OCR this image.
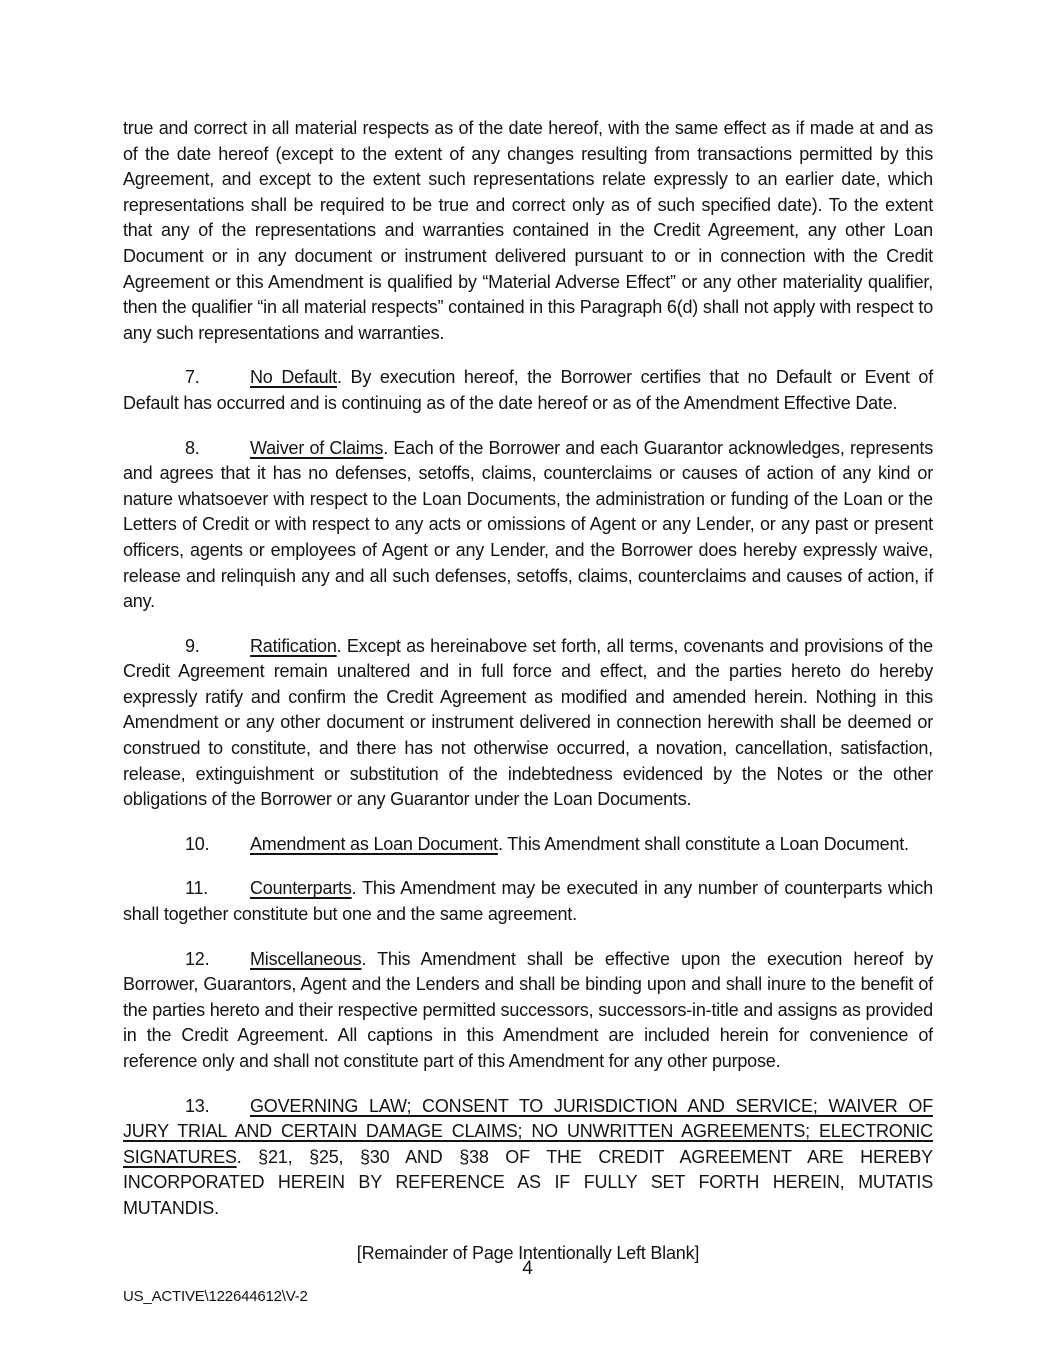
true and correct in all material respects as of the date hereof, with the same effect as if made at and as of the date hereof (except to the extent of any changes resulting from transactions permitted by this Agreement, and except to the extent such representations relate expressly to an earlier date, which representations shall be required to be true and correct only as of such specified date). To the extent that any of the representations and warranties contained in the Credit Agreement, any other Loan Document or in any document or instrument delivered pursuant to or in connection with the Credit Agreement or this Amendment is qualified by “Material Adverse Effect” or any other materiality qualifier, then the qualifier “in all material respects” contained in this Paragraph 6(d) shall not apply with respect to any such representations and warranties.

7.	No Default. By execution hereof, the Borrower certifies that no Default or Event of Default has occurred and is continuing as of the date hereof or as of the Amendment Effective Date.

8.	Waiver of Claims. Each of the Borrower and each Guarantor acknowledges, represents and agrees that it has no defenses, setoffs, claims, counterclaims or causes of action of any kind or nature whatsoever with respect to the Loan Documents, the administration or funding of the Loan or the Letters of Credit or with respect to any acts or omissions of Agent or any Lender, or any past or present officers, agents or employees of Agent or any Lender, and the Borrower does hereby expressly waive, release and relinquish any and all such defenses, setoffs, claims, counterclaims and causes of action, if any.

9.	Ratification. Except as hereinabove set forth, all terms, covenants and provisions of the Credit Agreement remain unaltered and in full force and effect, and the parties hereto do hereby expressly ratify and confirm the Credit Agreement as modified and amended herein. Nothing in this Amendment or any other document or instrument delivered in connection herewith shall be deemed or construed to constitute, and there has not otherwise occurred, a novation, cancellation, satisfaction, release, extinguishment or substitution of the indebtedness evidenced by the Notes or the other obligations of the Borrower or any Guarantor under the Loan Documents.

10. Amendment as Loan Document. This Amendment shall constitute a Loan Document.

11. Counterparts. This Amendment may be executed in any number of counterparts which shall together constitute but one and the same agreement.

12. Miscellaneous. This Amendment shall be effective upon the execution hereof by Borrower, Guarantors, Agent and the Lenders and shall be binding upon and shall inure to the benefit of the parties hereto and their respective permitted successors, successors-in-title and assigns as provided in the Credit Agreement. All captions in this Amendment are included herein for convenience of reference only and shall not constitute part of this Amendment for any other purpose.

13. GOVERNING LAW; CONSENT TO JURISDICTION AND SERVICE; WAIVER OF JURY TRIAL AND CERTAIN DAMAGE CLAIMS; NO UNWRITTEN AGREEMENTS; ELECTRONIC SIGNATURES. §21, §25, §30 AND §38 OF THE CREDIT AGREEMENT ARE HEREBY INCORPORATED HEREIN BY REFERENCE AS IF FULLY SET FORTH HEREIN, MUTATIS MUTANDIS.

[Remainder of Page Intentionally Left Blank]

4
US_ACTIVE\122644612\V-2
